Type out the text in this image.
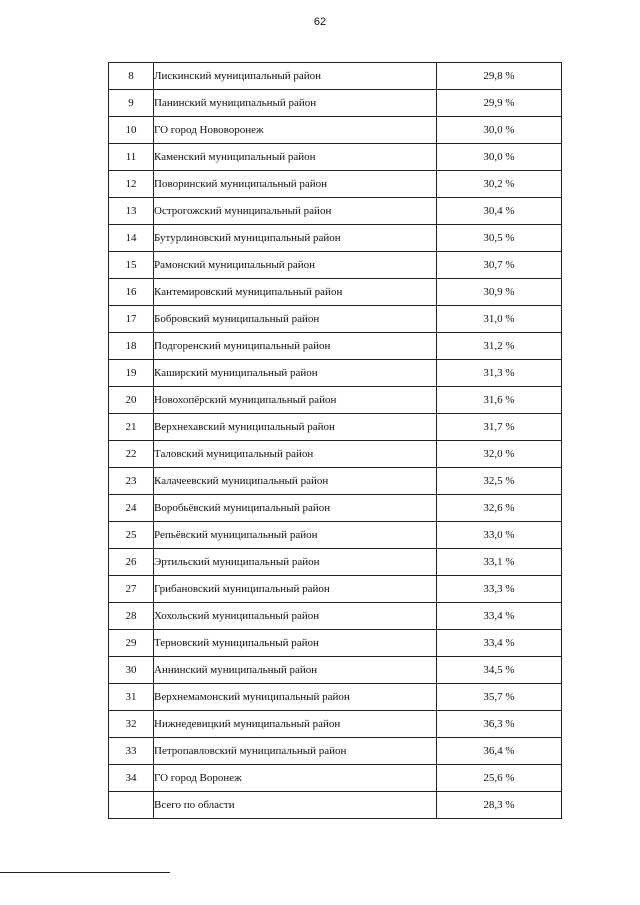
62
8	Лискинский муниципальный район	29,8 %
9	Панинский муниципальный район	29,9 %
10	ГО город Нововоронеж	30,0 %
11	Каменский муниципальный район	30,0 %
12	Поворинский муниципальный район	30,2 %
13	Острогожский муниципальный район	30,4 %
14	Бутурлиновский муниципальный район	30,5 %
15	Рамонский муниципальный район	30,7 %
16	Кантемировский муниципальный район	30,9 %
17	Бобровский муниципальный район	31,0 %
18	Подгоренский муниципальный район	31,2 %
19	Каширский муниципальный район	31,3 %
20	Новохопёрский муниципальный район	31,6 %
21	Верхнехавский муниципальный район	31,7 %
22	Таловский муниципальный район	32,0 %
23	Калачеевский муниципальный район	32,5 %
24	Воробьёвский муниципальный район	32,6 %
25	Репьёвский муниципальный район	33,0 %
26	Эртильский муниципальный район	33,1 %
27	Грибановский муниципальный район	33,3 %
28	Хохольский муниципальный район	33,4 %
29	Терновский муниципальный район	33,4 %
30	Аннинский муниципальный район	34,5 %
31	Верхнемамонский муниципальный район	35,7 %
32	Нижнедевицкий муниципальный район	36,3 %
33	Петропавловский муниципальный район	36,4 %
34	ГО город Воронеж	25,6 %
	Всего по области	28,3 %
